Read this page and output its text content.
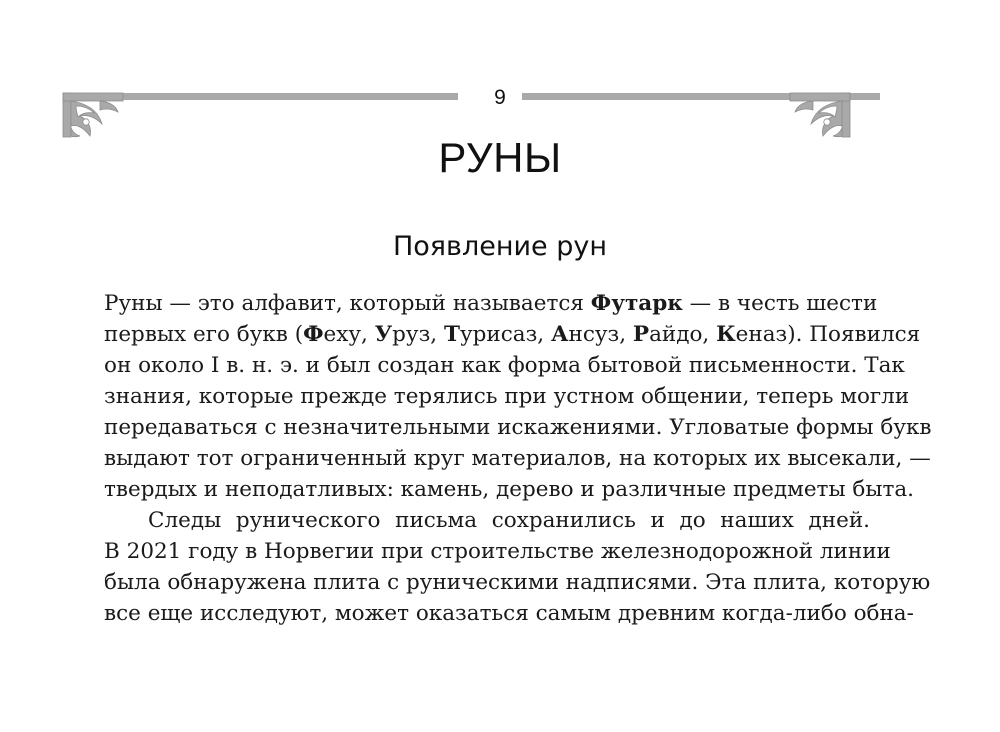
9
РУНЫ
Появление рун
Руны — это алфавит, который называется Футарк — в честь шести
первых его букв (Феху, Уруз, Турисаз, Ансуз, Райдо, Кеназ). Появился
он около I в. н. э. и был создан как форма бытовой письменности. Так
знания, которые прежде терялись при устном общении, теперь могли
передаваться с незначительными искажениями. Угловатые формы букв
выдают тот ограниченный круг материалов, на которых их высекали, —
твердых и неподатливых: камень, дерево и различные предметы быта.
Следы рунического письма сохранились и до наших дней.
В 2021 году в Норвегии при строительстве железнодорожной линии
была обнаружена плита с руническими надписями. Эта плита, которую
все еще исследуют, может оказаться самым древним когда-либо обна-
